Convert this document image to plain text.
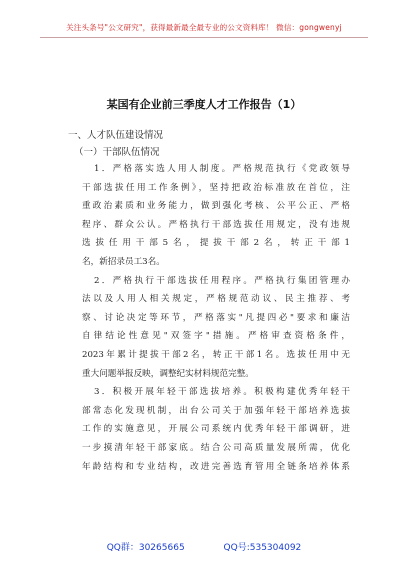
关注头条号"公文研究"，获得最新最全最专业的公文资料库！ 微信：gongwenyj
某国有企业前三季度人才工作报告（1）
一、人才队伍建设情况
（一）干部队伍情况
1．严格落实选人用人制度。严格规范执行《党政领导
干部选拔任用工作条例》，坚持把政治标准放在首位，注
重政治素质和业务能力，做到强化考核、公平公正、严格
程序、群众公认。严格执行干部选拔任用规定，没有违规
选拔任用干部5名，提拔干部2名，转正干部1
名，新招录员工3名。
2．严格执行干部选拔任用程序。严格执行集团管理办
法以及人用人相关规定，严格规范动议、民主推荐、考
察、讨论决定等环节，严格落实"凡提四必"要求和廉洁
自律结论性意见"双签字"措施。严格审查资格条件，
2023年累计提拔干部2名，转正干部1名。选拔任用中无
重大问题举报反映，调整纪实材料规范完整。
3．积极开展年轻干部选拔培养。积极构建优秀年轻干
部常态化发现机制，出台公司关于加强年轻干部培养选拔
工作的实施意见，开展公司系统内优秀年轻干部调研，进
一步摸清年轻干部家底。结合公司高质量发展所需，优化
年龄结构和专业结构，改进完善选育管用全链条培养体系
QQ群：30265665	QQ号:535304092
